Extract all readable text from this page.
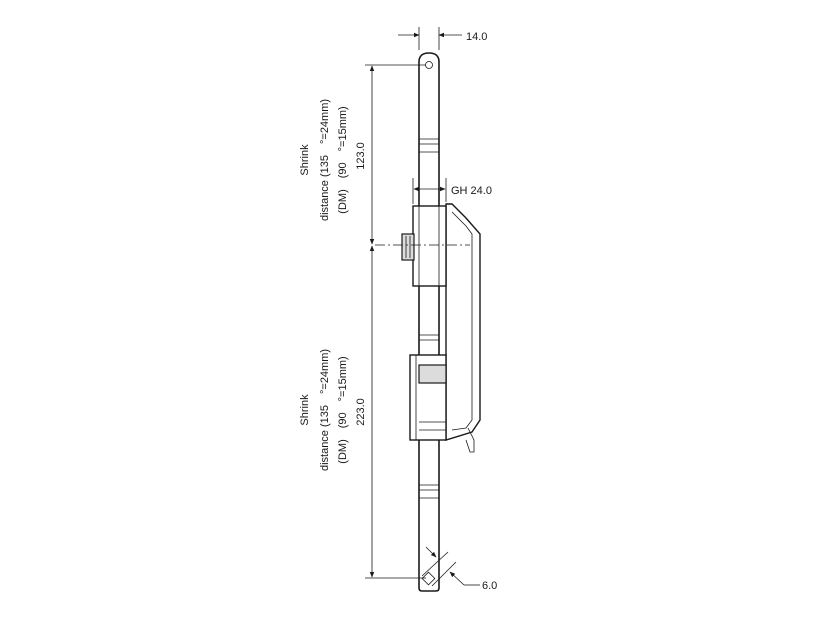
14.0
123.0
GH 24.0
223.0
6.0
Shrink distance (135　°=24mm) (DM)　(90　°=15mm)
Shrink distance (135　°=24mm) (DM)　(90　°=15mm)
